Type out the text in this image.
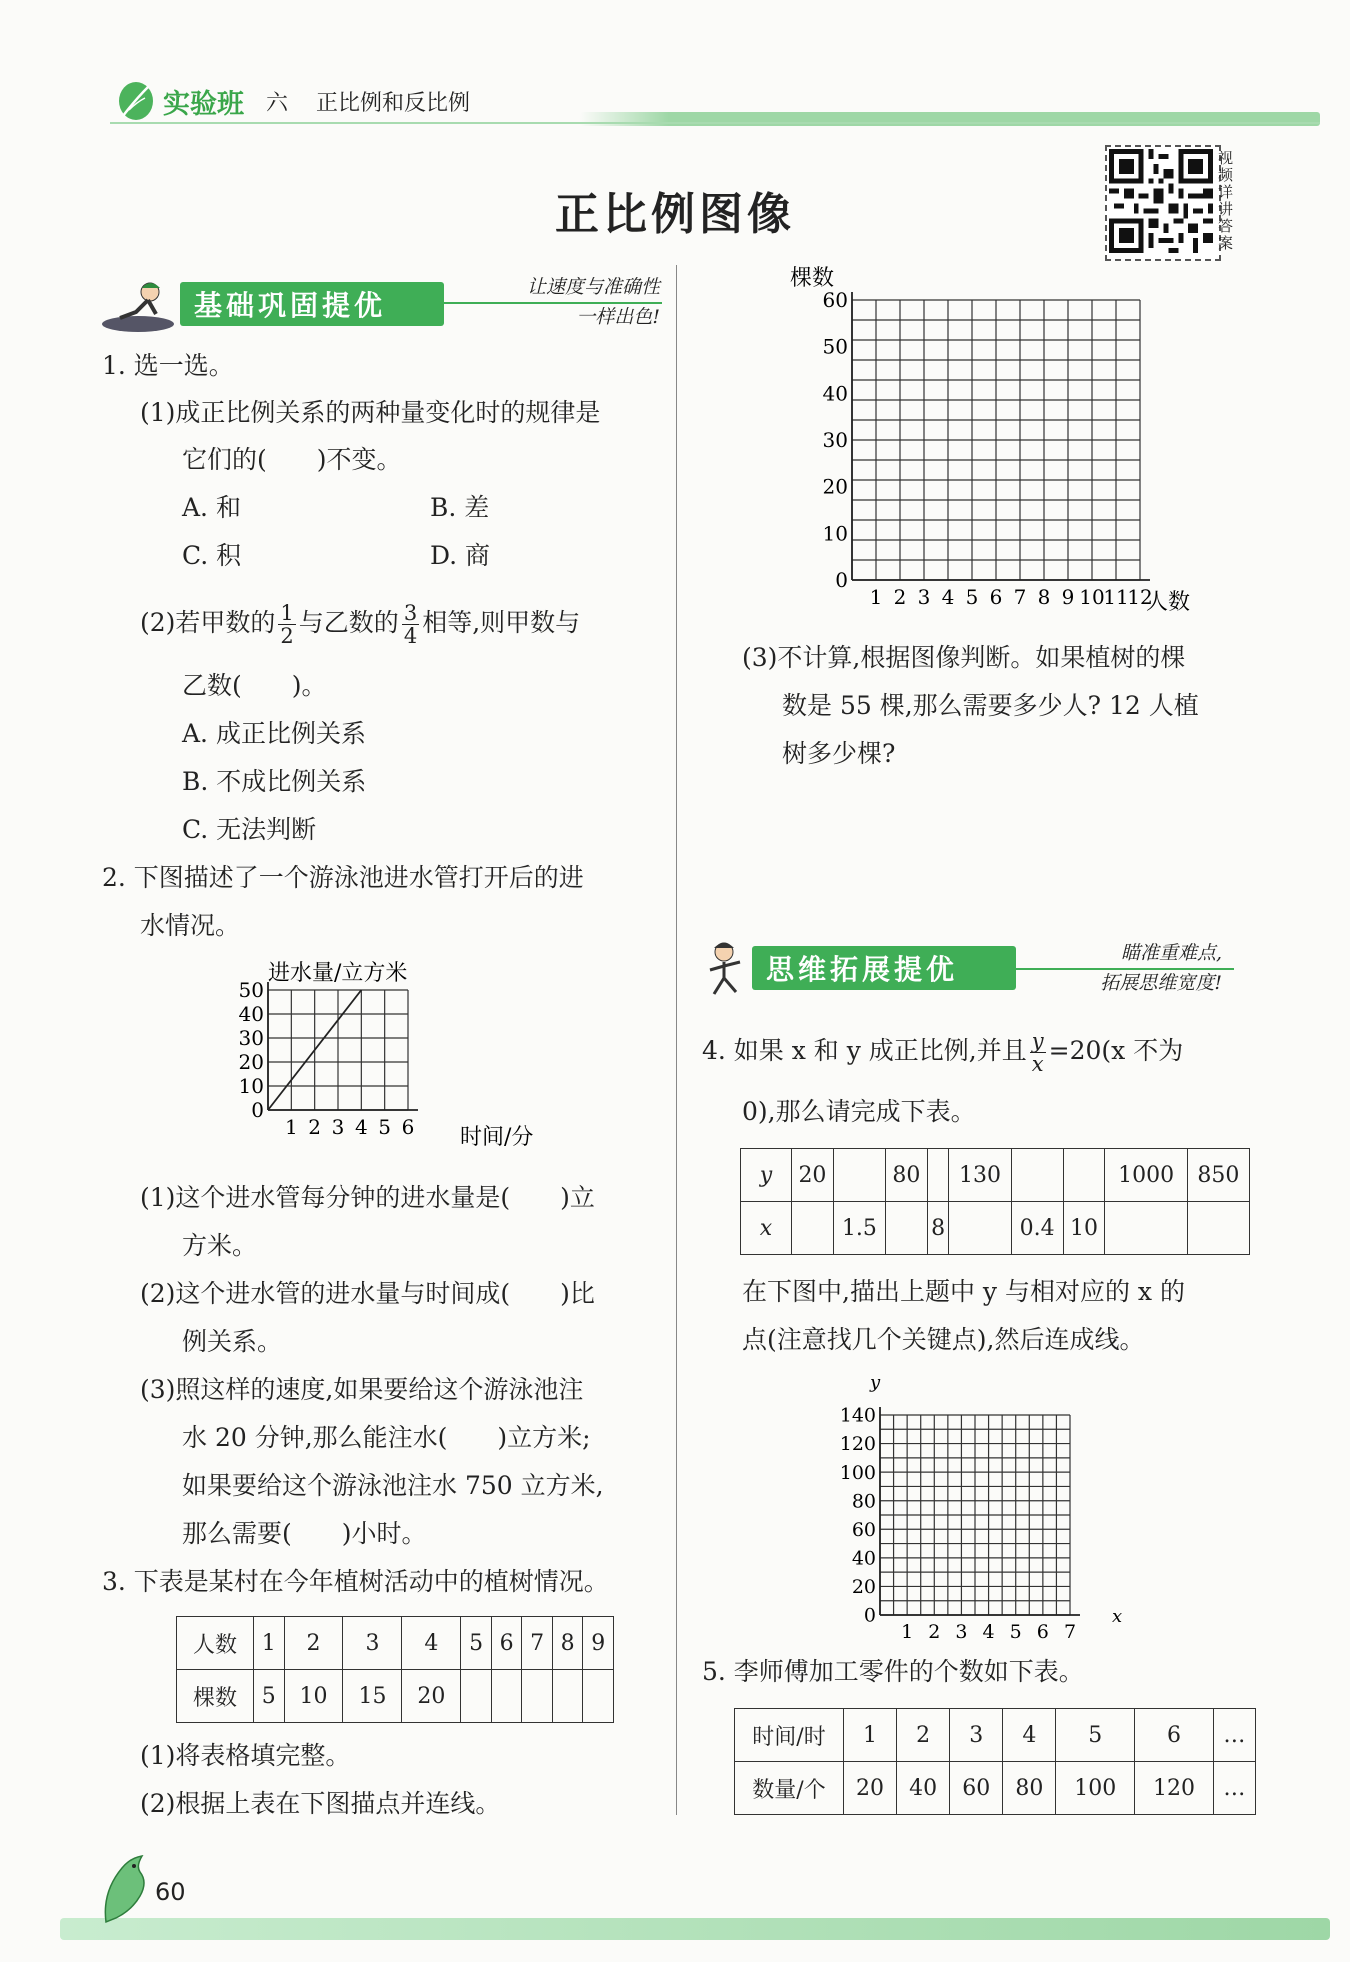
实验班 六 正比例和反比例
正比例图像
视频详讲答案
基础巩固提优
让速度与准确性
一样出色!
1. 选一选。
(1)成正比例关系的两种量变化时的规律是
它们的(　　)不变。
A. 和	B. 差
C. 积	D. 商
(2)若甲数的 $\frac{1}{2}$ 与乙数的 $\frac{3}{4}$ 相等,则甲数与
乙数(　　)。
A. 成正比例关系
B. 不成比例关系
C. 无法判断
2. 下图描述了一个游泳池进水管打开后的进
水情况。
1 2 3 4 5 6
0
10
20
30
40
50
进水量/立方米
时间/分
(1)这个进水管每分钟的进水量是(　　)立
方米。
(2)这个进水管的进水量与时间成(　　)比
例关系。
(3)照这样的速度,如果要给这个游泳池注
水 20 分钟,那么能注水(　　)立方米;
如果要给这个游泳池注水 750 立方米,
那么需要(　　)小时。
3. 下表是某村在今年植树活动中的植树情况。
人数	1	2	3	4	5	6	7	8	9
棵数	5	10	15	20					
(1)将表格填完整。
(2)根据上表在下图描点并连线。
1 2 3 4 5 6 7 8 9 10
11
12
0
10
20
30
40
50
60
棵数
人数
(3)不计算,根据图像判断。如果植树的棵
数是 55 棵,那么需要多少人? 12 人植
树多少棵?
思维拓展提优	瞄准重难点,
拓展思维宽度!
4. 如果 x 和 y 成正比例,并且 $\frac{y}{x} =20(x$ 不为
0),那么请完成下表。
y	20		80		130			1000	850
x		1.5		8		0.4	10		
在下图中,描出上题中 y 与相对应的 x 的
点(注意找几个关键点),然后连成线。
1 2 3 4 5 6 7
0
20
40
60
80
100
120
140
y
x
5. 李师傅加工零件的个数如下表。
时间/时	1	2	3	4	5	6	…
数量/个	20	40	60	80	100	120	…
60
